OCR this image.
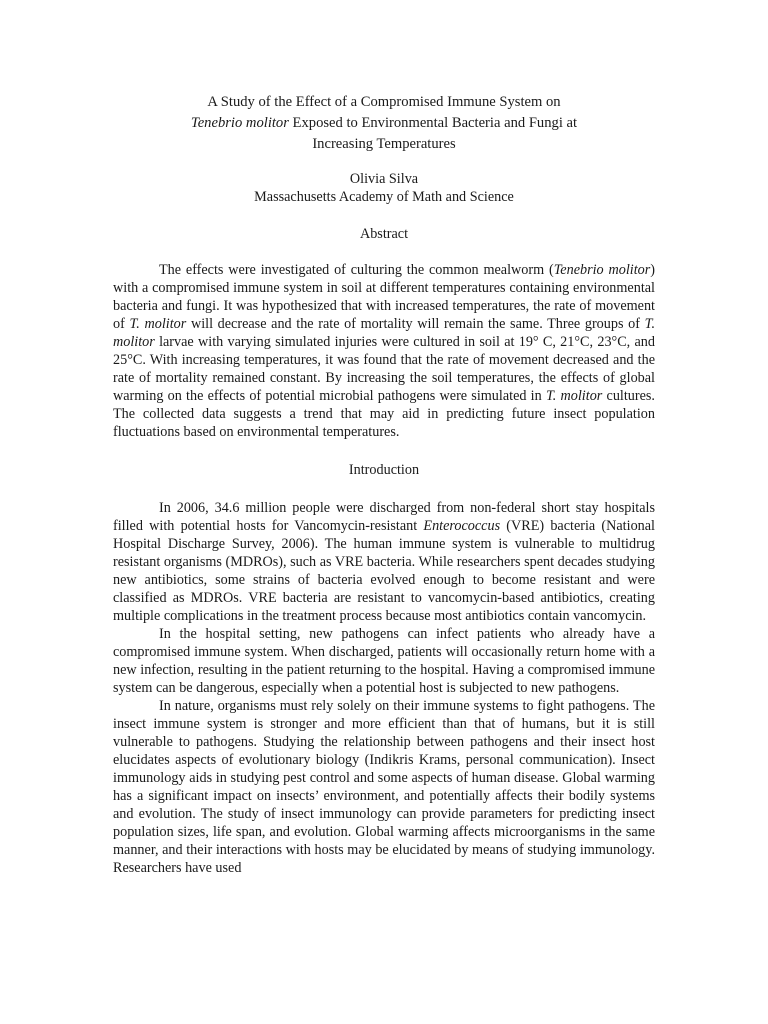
A Study of the Effect of a Compromised Immune System on
Tenebrio molitor Exposed to Environmental Bacteria and Fungi at
Increasing Temperatures
Olivia Silva
Massachusetts Academy of Math and Science
Abstract

The effects were investigated of culturing the common mealworm (Tenebrio molitor) with a compromised immune system in soil at different temperatures containing environmental bacteria and fungi. It was hypothesized that with increased temperatures, the rate of movement of T. molitor will decrease and the rate of mortality will remain the same. Three groups of T. molitor larvae with varying simulated injuries were cultured in soil at 19° C, 21°C, 23°C, and 25°C. With increasing temperatures, it was found that the rate of movement decreased and the rate of mortality remained constant. By increasing the soil temperatures, the effects of global warming on the effects of potential microbial pathogens were simulated in T. molitor cultures. The collected data suggests a trend that may aid in predicting future insect population fluctuations based on environmental temperatures.

Introduction

In 2006, 34.6 million people were discharged from non-federal short stay hospitals filled with potential hosts for Vancomycin-resistant Enterococcus (VRE) bacteria (National Hospital Discharge Survey, 2006). The human immune system is vulnerable to multidrug resistant organisms (MDROs), such as VRE bacteria. While researchers spent decades studying new antibiotics, some strains of bacteria evolved enough to become resistant and were classified as MDROs. VRE bacteria are resistant to vancomycin-based antibiotics, creating multiple complications in the treatment process because most antibiotics contain vancomycin.

In the hospital setting, new pathogens can infect patients who already have a compromised immune system. When discharged, patients will occasionally return home with a new infection, resulting in the patient returning to the hospital. Having a compromised immune system can be dangerous, especially when a potential host is subjected to new pathogens.

In nature, organisms must rely solely on their immune systems to fight pathogens. The insect immune system is stronger and more efficient than that of humans, but it is still vulnerable to pathogens. Studying the relationship between pathogens and their insect host elucidates aspects of evolutionary biology (Indikris Krams, personal communication). Insect immunology aids in studying pest control and some aspects of human disease. Global warming has a significant impact on insects’ environment, and potentially affects their bodily systems and evolution. The study of insect immunology can provide parameters for predicting insect population sizes, life span, and evolution. Global warming affects microorganisms in the same manner, and their interactions with hosts may be elucidated by means of studying immunology. Researchers have used
